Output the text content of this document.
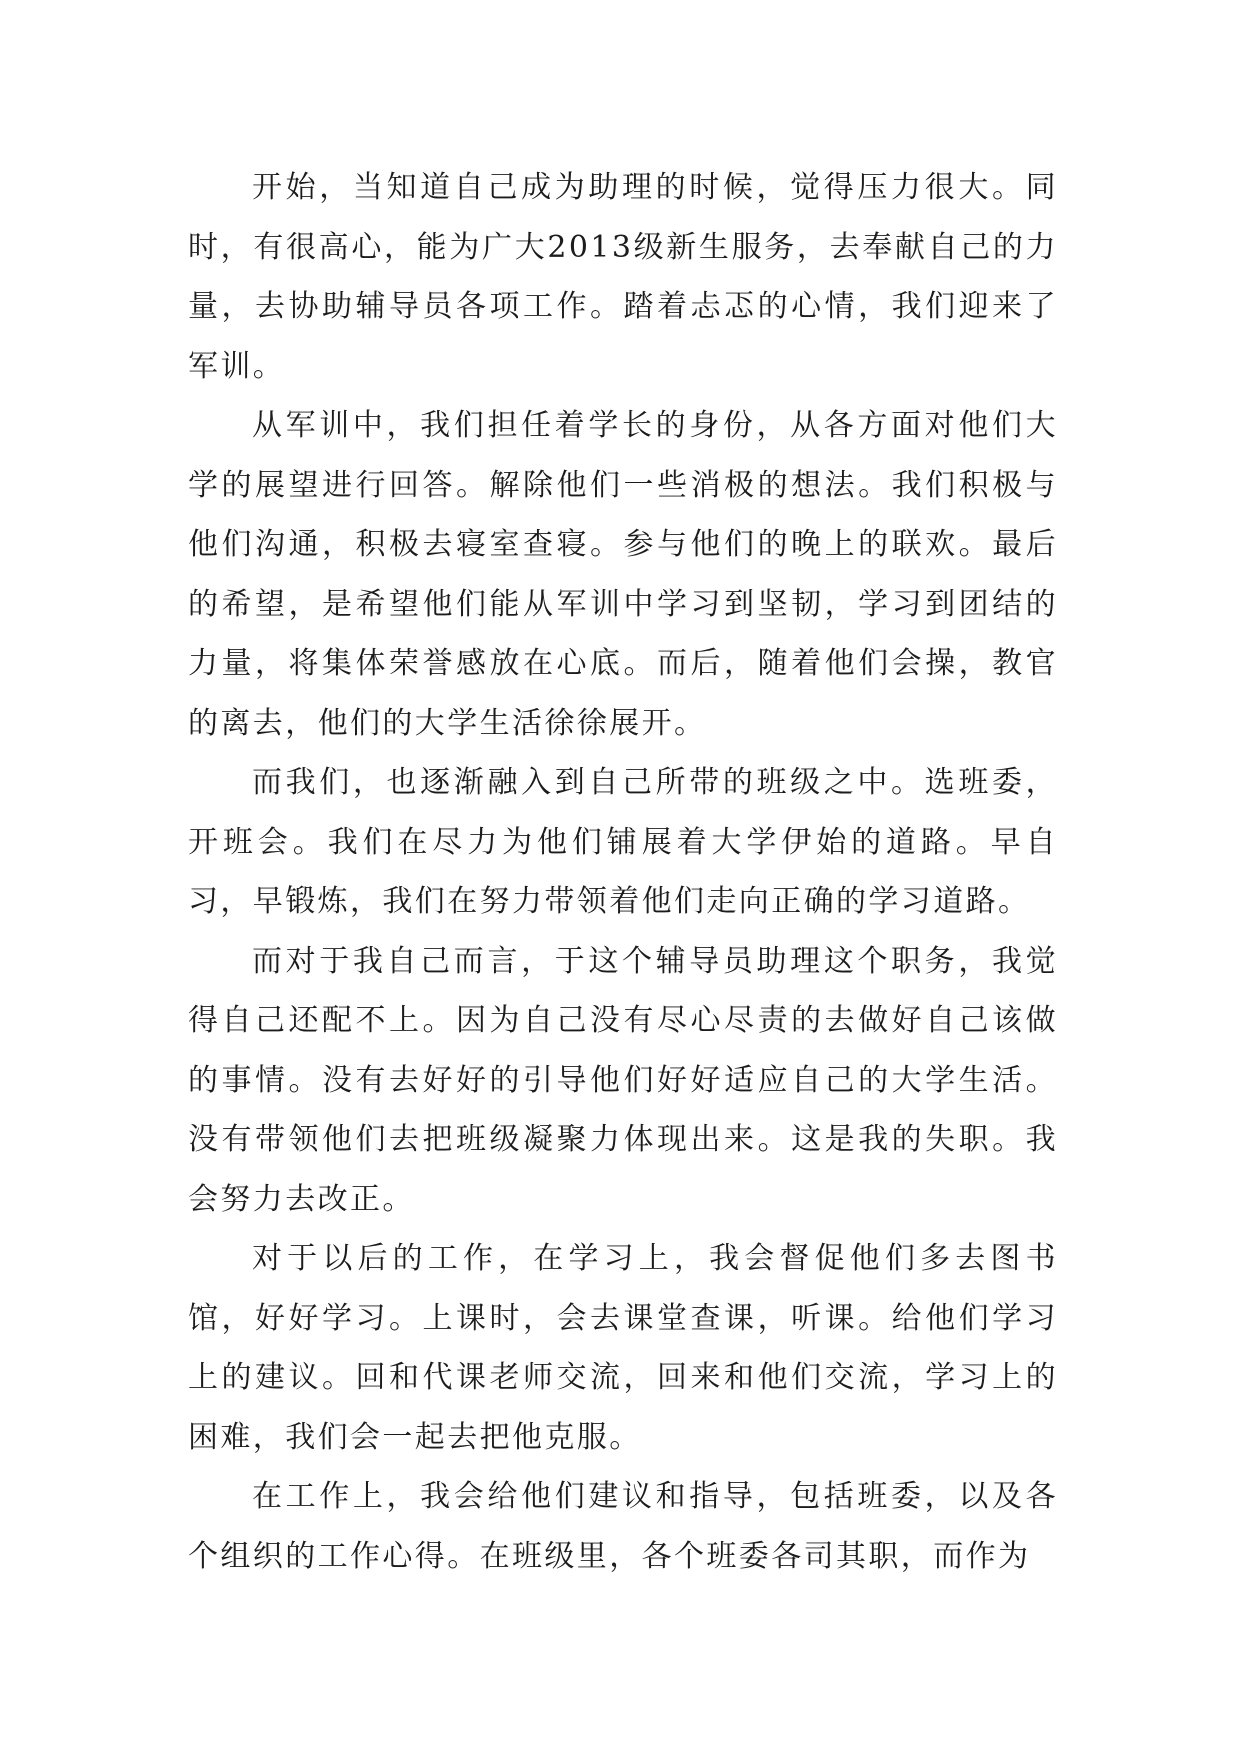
开始，当知道自己成为助理的时候，觉得压力很大。同时，有很高心，能为广大2013级新生服务，去奉献自己的力量，去协助辅导员各项工作。踏着忐忑的心情，我们迎来了军训。

从军训中，我们担任着学长的身份，从各方面对他们大学的展望进行回答。解除他们一些消极的想法。我们积极与他们沟通，积极去寝室查寝。参与他们的晚上的联欢。最后的希望，是希望他们能从军训中学习到坚韧，学习到团结的力量，将集体荣誉感放在心底。而后，随着他们会操，教官的离去，他们的大学生活徐徐展开。

而我们，也逐渐融入到自己所带的班级之中。选班委，开班会。我们在尽力为他们铺展着大学伊始的道路。早自习，早锻炼，我们在努力带领着他们走向正确的学习道路。

而对于我自己而言，于这个辅导员助理这个职务，我觉得自己还配不上。因为自己没有尽心尽责的去做好自己该做的事情。没有去好好的引导他们好好适应自己的大学生活。没有带领他们去把班级凝聚力体现出来。这是我的失职。我会努力去改正。

对于以后的工作，在学习上，我会督促他们多去图书馆，好好学习。上课时，会去课堂查课，听课。给他们学习上的建议。回和代课老师交流，回来和他们交流，学习上的困难，我们会一起去把他克服。

在工作上，我会给他们建议和指导，包括班委，以及各个组织的工作心得。在班级里，各个班委各司其职，而作为
